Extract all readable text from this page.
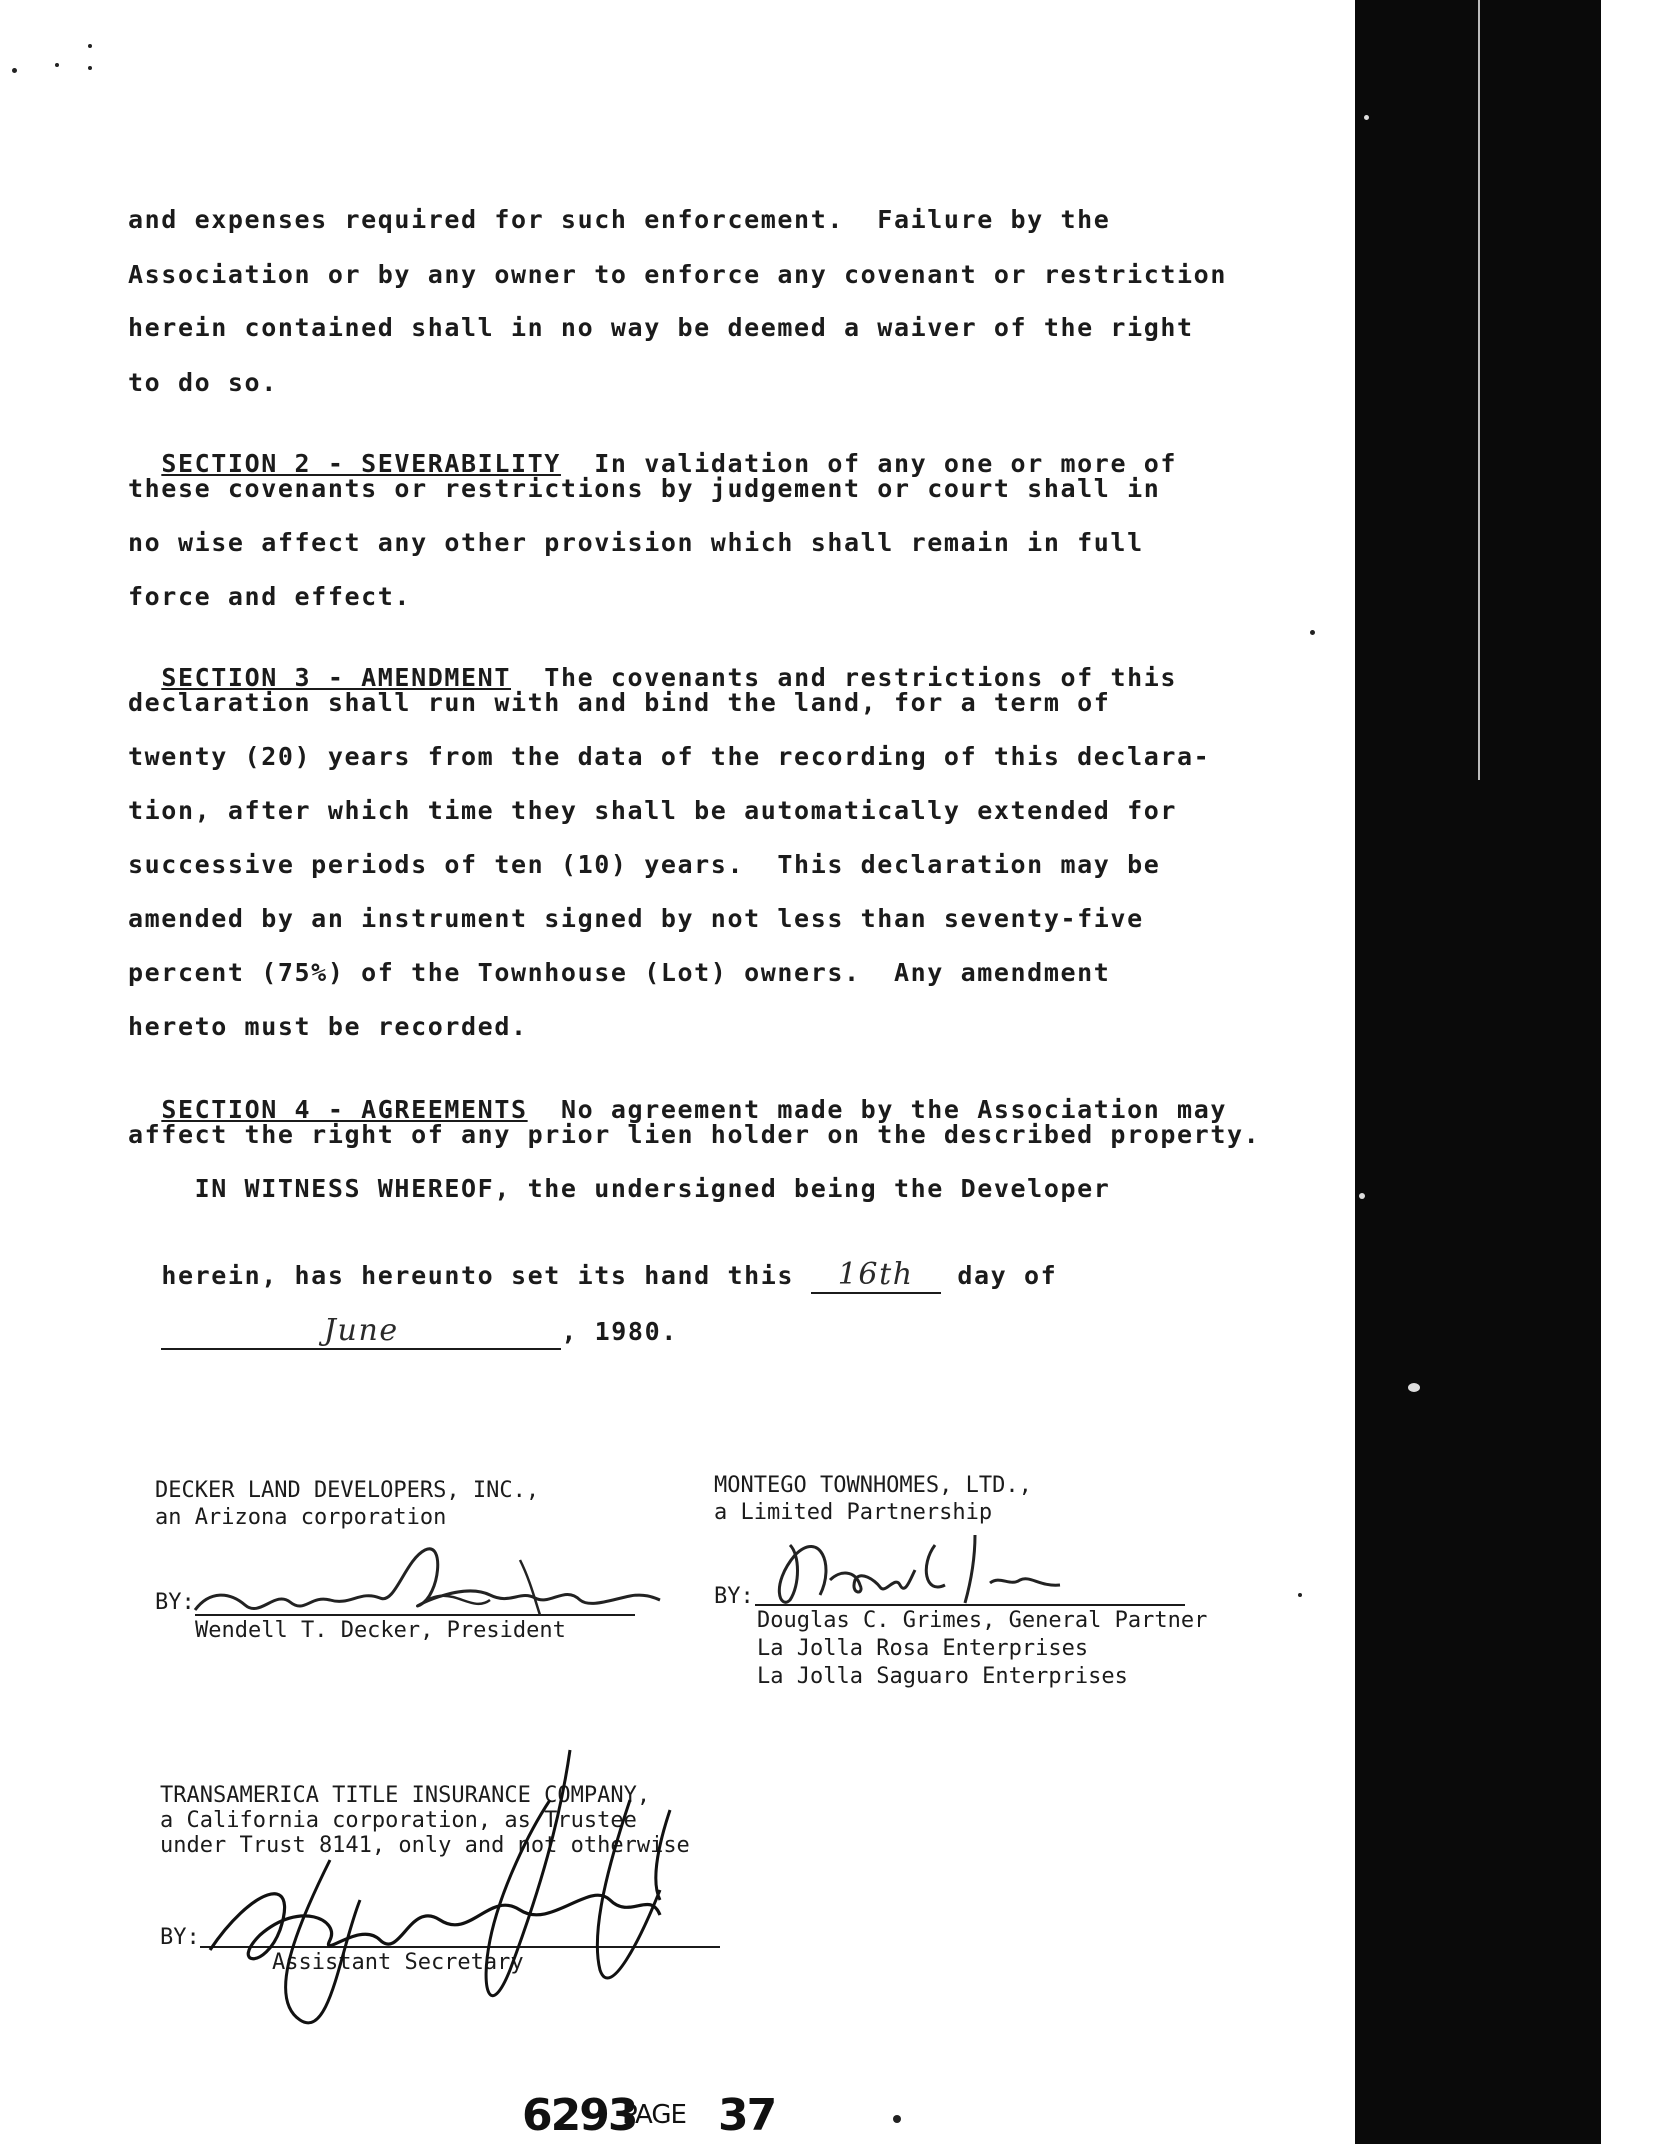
and expenses required for such enforcement.  Failure by the
Association or by any owner to enforce any covenant or restriction
herein contained shall in no way be deemed a waiver of the right
to do so.

SECTION 2 - SEVERABILITY  In validation of any one or more of

these covenants or restrictions by judgement or court shall in
no wise affect any other provision which shall remain in full
force and effect.

SECTION 3 - AMENDMENT  The covenants and restrictions of this

declaration shall run with and bind the land, for a term of
twenty (20) years from the data of the recording of this declara-
tion, after which time they shall be automatically extended for
successive periods of ten (10) years.  This declaration may be
amended by an instrument signed by not less than seventy-five
percent (75%) of the Townhouse (Lot) owners.  Any amendment
hereto must be recorded.

SECTION 4 - AGREEMENTS  No agreement made by the Association may

affect the right of any prior lien holder on the described property.
IN WITNESS WHEREOF, the undersigned being the Developer

herein, has hereunto set its hand this 16th day of

June	, 1980.

DECKER LAND DEVELOPERS, INC.,
an Arizona corporation
BY:
Wendell T. Decker, President
MONTEGO TOWNHOMES, LTD.,
a Limited Partnership
BY:
Douglas C. Grimes, General Partner
La Jolla Rosa Enterprises
La Jolla Saguaro Enterprises
TRANSAMERICA TITLE INSURANCE COMPANY,
a California corporation, as Trustee
under Trust 8141, only and not otherwise
BY:
Assistant Secretary
6293
PAGE 37
